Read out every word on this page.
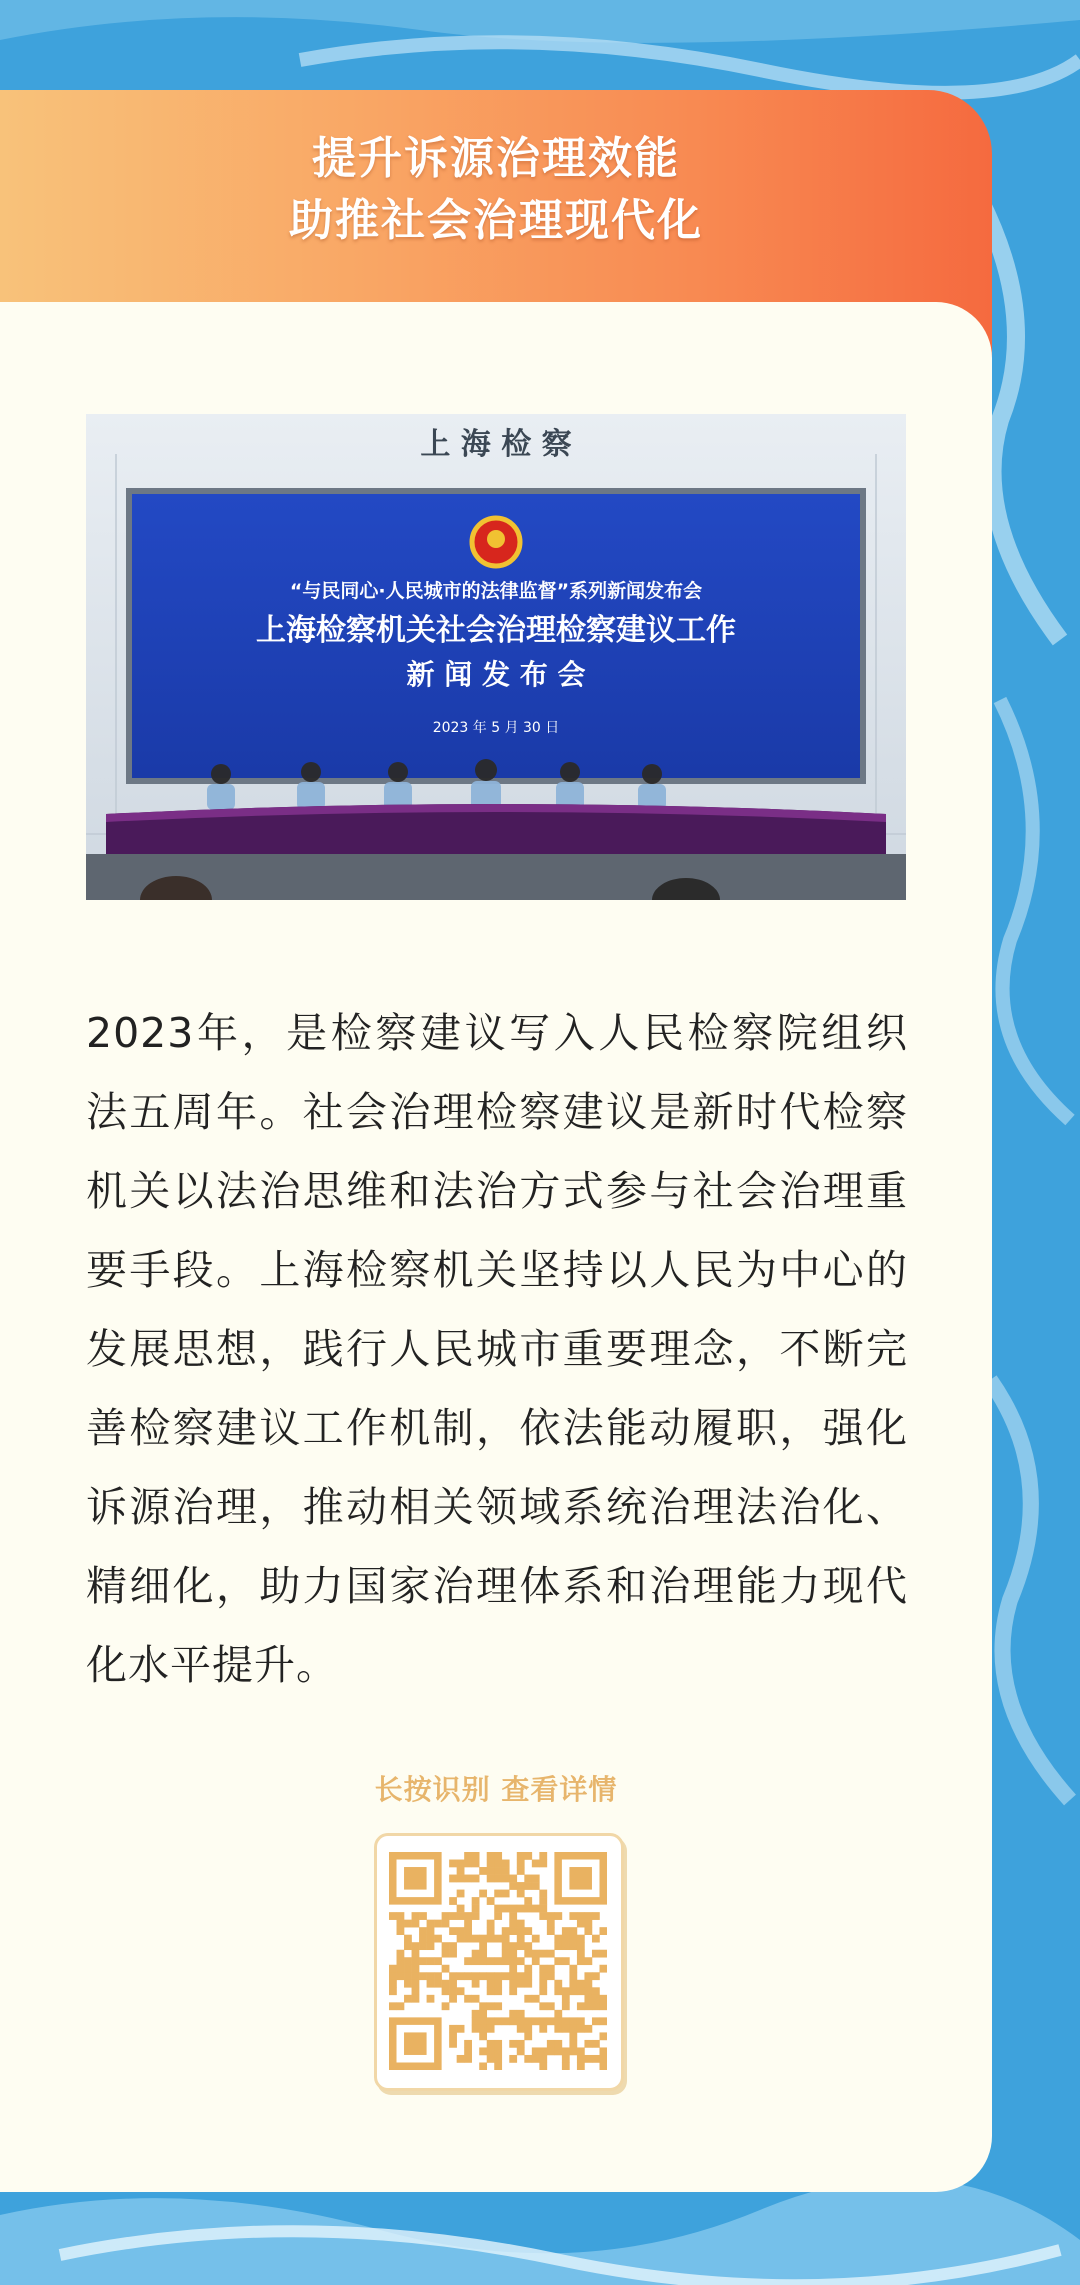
提升诉源治理效能
助推社会治理现代化
上 海 检 察
“与民同心·人民城市的法律监督”系列新闻发布会
上海检察机关社会治理检察建议工作
新 闻 发 布 会
2023 年 5 月 30 日

2023年，是检察建议写入人民检察院组织法五周年。社会治理检察建议是新时代检察机关以法治思维和法治方式参与社会治理重要手段。上海检察机关坚持以人民为中心的发展思想，践行人民城市重要理念，不断完善检察建议工作机制，依法能动履职，强化诉源治理，推动相关领域系统治理法治化、精细化，助力国家治理体系和治理能力现代化水平提升。

长按识别 查看详情
